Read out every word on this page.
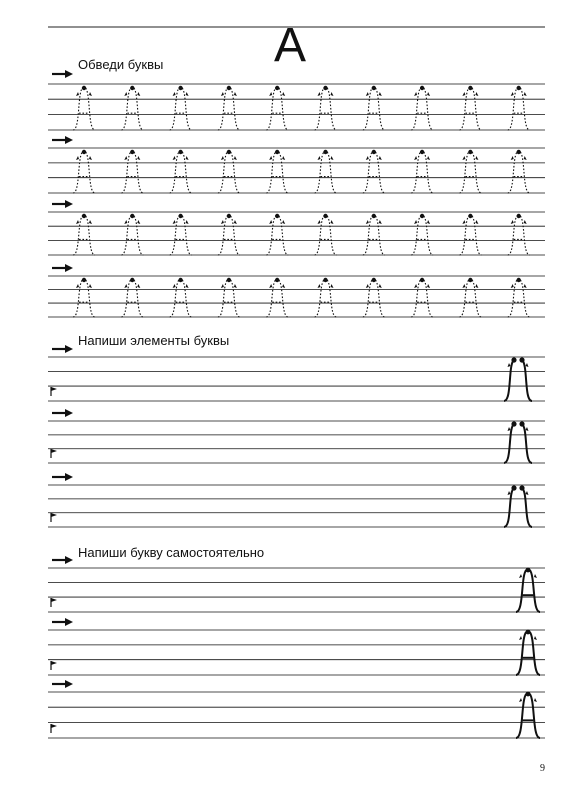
А
Обведи буквы
Напиши элементы буквы
Напиши букву самостоятельно
9
